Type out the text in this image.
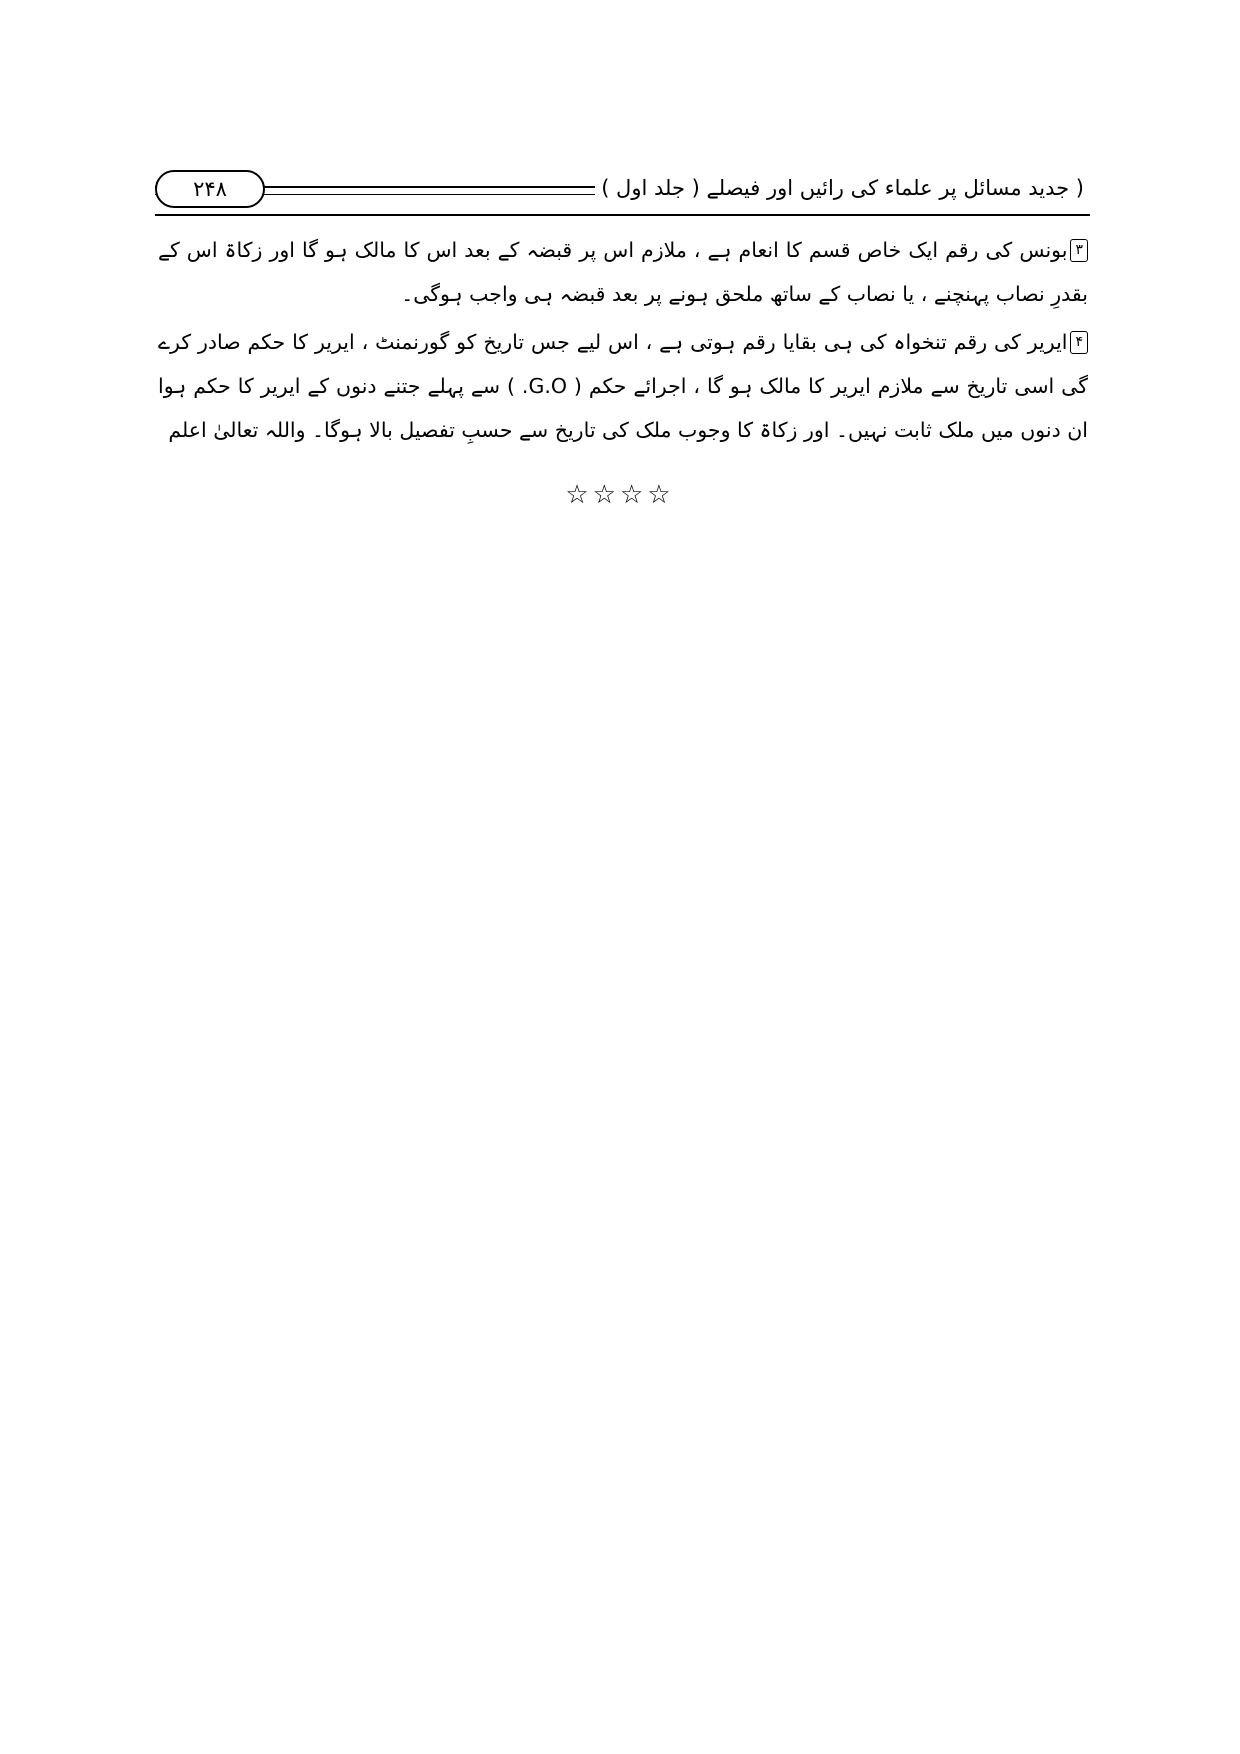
۲۴۸	( جدید مسائل پر علماء کی رائیں اور فیصلے ( جلد اول )

۳بونس کی رقم ایک خاص قسم کا انعام ہے ، ملازم اس پر قبضہ کے بعد اس کا مالک ہو گا اور زکاۃ اس کے بقدرِ نصاب پہنچنے ، یا نصاب کے ساتھ ملحق ہونے پر بعد قبضہ ہی واجب ہوگی۔

۴ایریر کی رقم تنخواہ کی ہی بقایا رقم ہوتی ہے ، اس لیے جس تاریخ کو گورنمنٹ ، ایریر کا حکم صادر کرے گی اسی تاریخ سے ملازم ایریر کا مالک ہو گا ، اجرائے حکم ( G.O. ) سے پہلے جتنے دنوں کے ایریر کا حکم ہوا ان دنوں میں ملک ثابت نہیں۔ اور زکاۃ کا وجوب ملک کی تاریخ سے حسبِ تفصیل بالا ہوگا۔ واللہ تعالیٰ اعلم

☆☆☆☆
